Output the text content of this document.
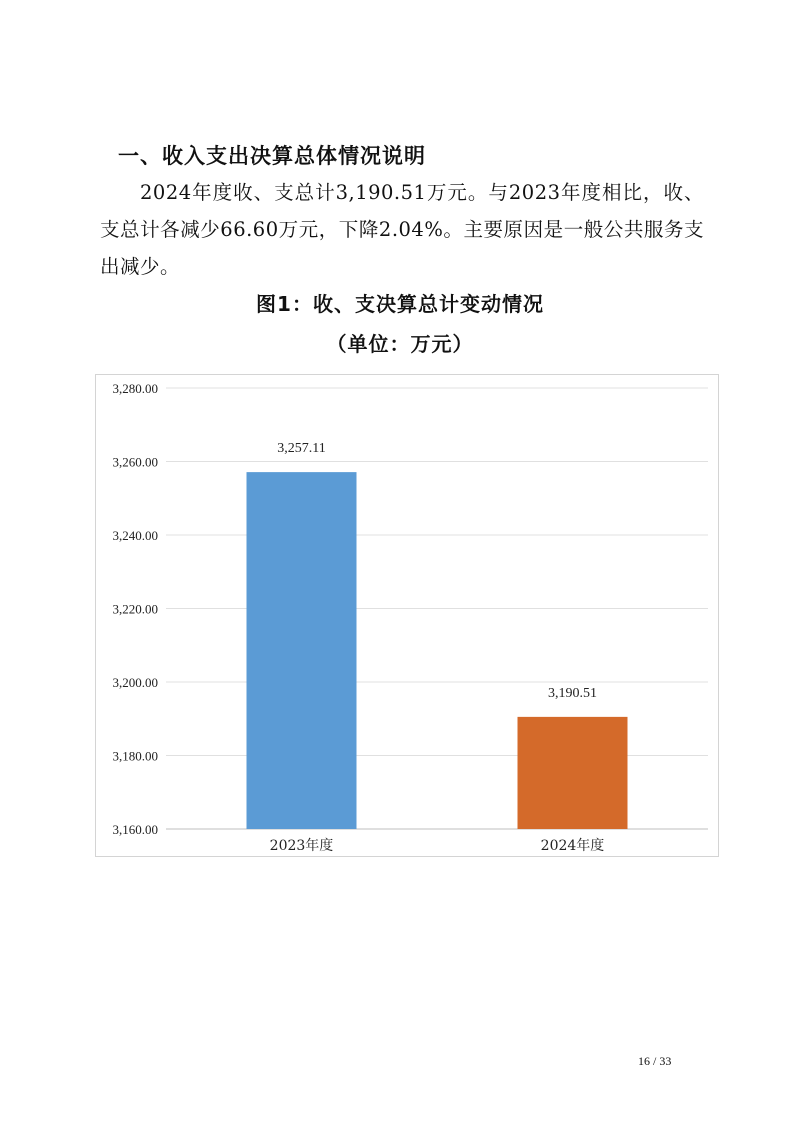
一、收入支出决算总体情况说明
2024年度收、支总计3,190.51万元。与2023年度相比，收、支总计各减少66.60万元，下降2.04%。主要原因是一般公共服务支出减少。
图1：收、支决算总计变动情况
（单位：万元）
3,160.00
3,180.00
3,200.00
3,220.00
3,240.00
3,260.00
3,280.00
3,257.11
2023年度
3,190.51
2024年度
16 / 33
